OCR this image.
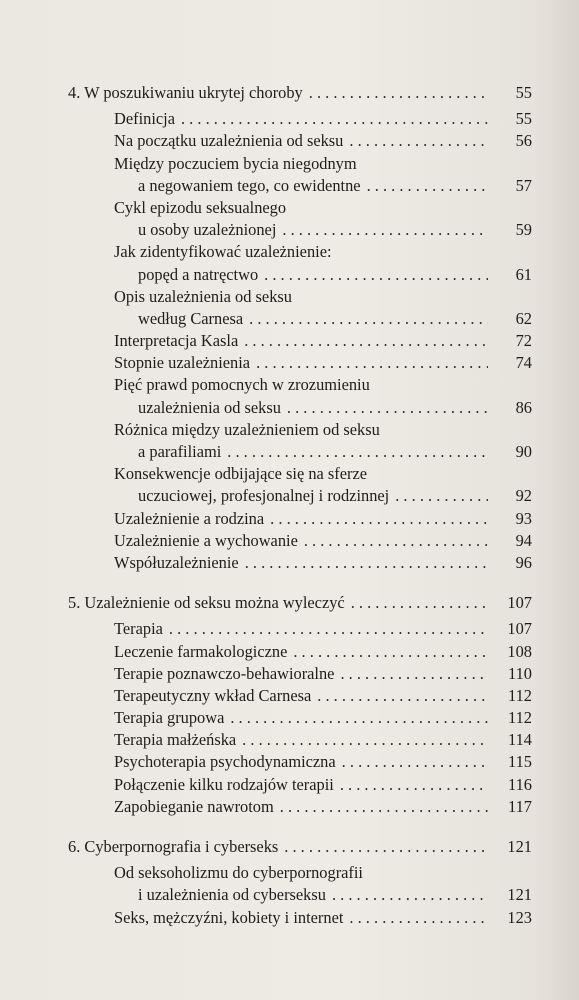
4. W poszukiwaniu ukrytej choroby . . .	55
Definicja . . .	55
Na początku uzależnienia od seksu . . .	56
Między poczuciem bycia niegodnym
a negowaniem tego, co ewidentne . . .	57
Cykl epizodu seksualnego
u osoby uzależnionej . . .	59
Jak zidentyfikować uzależnienie:
popęd a natręctwo . . .	61
Opis uzależnienia od seksu
według Carnesa . . .	62
Interpretacja Kasla . . .	72
Stopnie uzależnienia . . .	74
Pięć prawd pomocnych w zrozumieniu
uzależnienia od seksu . . .	86
Różnica między uzależnieniem od seksu
a parafiliami . . .	90
Konsekwencje odbijające się na sferze
uczuciowej, profesjonalnej i rodzinnej . . .	92
Uzależnienie a rodzina . . .	93
Uzależnienie a wychowanie . . .	94
Współuzależnienie . . .	96
5. Uzależnienie od seksu można wyleczyć . . .	107
Terapia . . .	107
Leczenie farmakologiczne . . .	108
Terapie poznawczo-behawioralne . . .	110
Terapeutyczny wkład Carnesa . . .	112
Terapia grupowa . . .	112
Terapia małżeńska . . .	114
Psychoterapia psychodynamiczna . . .	115
Połączenie kilku rodzajów terapii . . .	116
Zapobieganie nawrotom . . .	117
6. Cyberpornografia i cyberseks . . .	121
Od seksoholizmu do cyberpornografii
i uzależnienia od cyberseksu . . .	121
Seks, mężczyźni, kobiety i internet . . .	123
